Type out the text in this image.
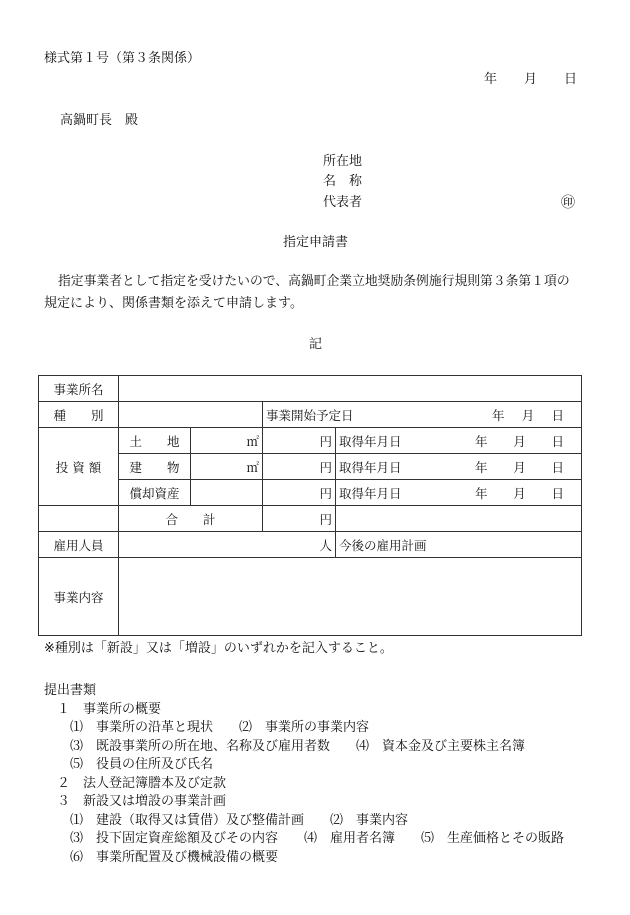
様式第１号（第３条関係）
年 月 日
高鍋町長　殿
所在地
名　称
代表者	㊞
指定申請書
指定事業者として指定を受けたいので、高鍋町企業立地奨励条例施行規則第３条第１項の
規定により、関係書類を添えて申請します。
記
事業所名				
種　　別			事業開始予定日 年 月 日	

投 資 額	土　　地	㎡	円	取得年月日 年 月 日

	建　　物	㎡	円	取得年月日 年 月 日

	償却資産		円	取得年月日 年 月 日

	合　　計		円	
雇用人員	人			今後の雇用計画
事業内容				
※種別は「新設」又は「増設」のいずれかを記入すること。
提出書類
　１　事業所の概要
　　⑴　事業所の沿革と現状　　⑵　事業所の事業内容
　　⑶　既設事業所の所在地、名称及び雇用者数　　⑷　資本金及び主要株主名簿
　　⑸　役員の住所及び氏名
　２　法人登記簿謄本及び定款
　３　新設又は増設の事業計画
　　⑴　建設（取得又は賃借）及び整備計画　　⑵　事業内容
　　⑶　投下固定資産総額及びその内容　　⑷　雇用者名簿　　⑸　生産価格とその販路
　　⑹　事業所配置及び機械設備の概要
